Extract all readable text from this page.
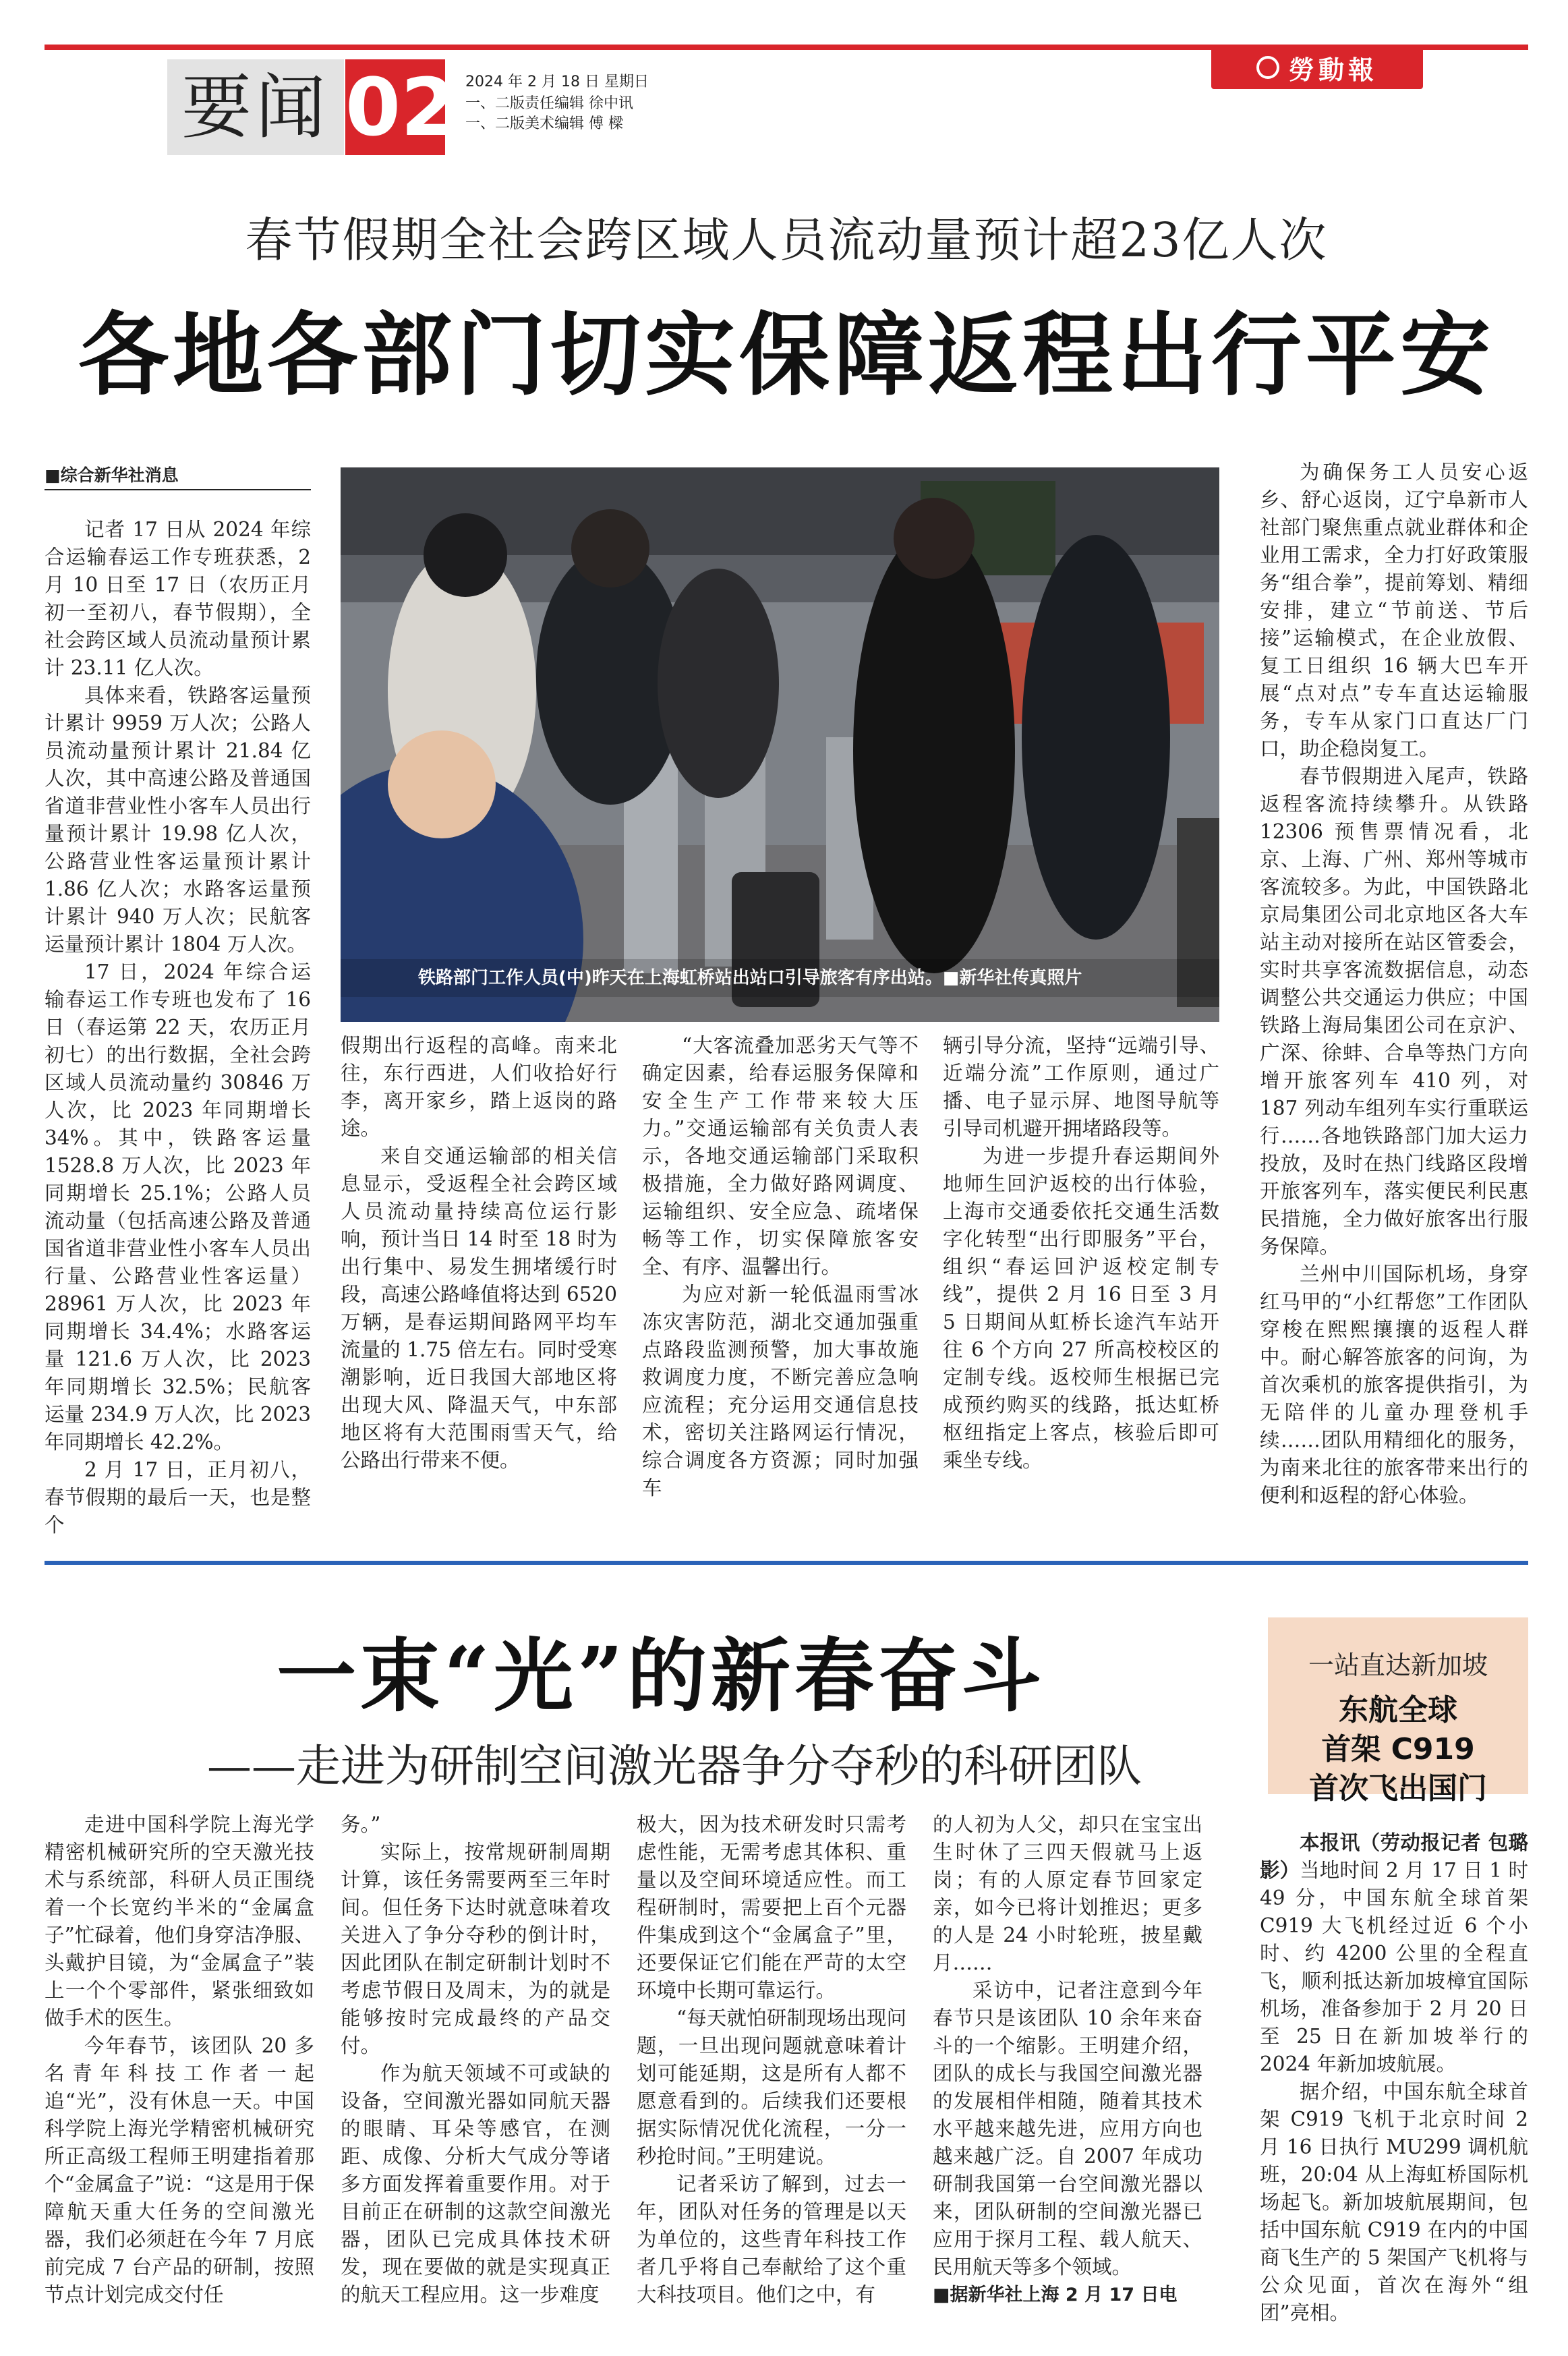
要闻 02 2024 年 2 月 18 日 星期日
一、二版责任编辑 徐中讯
一、二版美术编辑 傅 樑
勞動報
春节假期全社会跨区域人员流动量预计超23亿人次
各地各部门切实保障返程出行平安
■综合新华社消息

记者 17 日从 2024 年综合运输春运工作专班获悉，2 月 10 日至 17 日（农历正月初一至初八，春节假期），全社会跨区域人员流动量预计累计 23.11 亿人次。

具体来看，铁路客运量预计累计 9959 万人次；公路人员流动量预计累计 21.84 亿人次，其中高速公路及普通国省道非营业性小客车人员出行量预计累计 19.98 亿人次，公路营业性客运量预计累计 1.86 亿人次；水路客运量预计累计 940 万人次；民航客运量预计累计 1804 万人次。

17 日，2024 年综合运输春运工作专班也发布了 16 日（春运第 22 天，农历正月初七）的出行数据，全社会跨区域人员流动量约 30846 万人次，比 2023 年同期增长 34%。其中，铁路客运量 1528.8 万人次，比 2023 年同期增长 25.1%；公路人员流动量（包括高速公路及普通国省道非营业性小客车人员出行量、公路营业性客运量）28961 万人次，比 2023 年同期增长 34.4%；水路客运量 121.6 万人次，比 2023 年同期增长 32.5%；民航客运量 234.9 万人次，比 2023 年同期增长 42.2%。

2 月 17 日，正月初八，春节假期的最后一天，也是整个

铁路部门工作人员(中)昨天在上海虹桥站出站口引导旅客有序出站。■新华社传真照片

假期出行返程的高峰。南来北往，东行西进，人们收拾好行李，离开家乡，踏上返岗的路途。

来自交通运输部的相关信息显示，受返程全社会跨区域人员流动量持续高位运行影响，预计当日 14 时至 18 时为出行集中、易发生拥堵缓行时段，高速公路峰值将达到 6520 万辆，是春运期间路网平均车流量的 1.75 倍左右。同时受寒潮影响，近日我国大部地区将出现大风、降温天气，中东部地区将有大范围雨雪天气，给公路出行带来不便。

“大客流叠加恶劣天气等不确定因素，给春运服务保障和安全生产工作带来较大压力。”交通运输部有关负责人表示，各地交通运输部门采取积极措施，全力做好路网调度、运输组织、安全应急、疏堵保畅等工作，切实保障旅客安全、有序、温馨出行。

为应对新一轮低温雨雪冰冻灾害防范，湖北交通加强重点路段监测预警，加大事故施救调度力度，不断完善应急响应流程；充分运用交通信息技术，密切关注路网运行情况，综合调度各方资源；同时加强车

辆引导分流，坚持“远端引导、近端分流”工作原则，通过广播、电子显示屏、地图导航等引导司机避开拥堵路段等。

为进一步提升春运期间外地师生回沪返校的出行体验，上海市交通委依托交通生活数字化转型“出行即服务”平台，组织“春运回沪返校定制专线”，提供 2 月 16 日至 3 月 5 日期间从虹桥长途汽车站开往 6 个方向 27 所高校校区的定制专线。返校师生根据已完成预约购买的线路，抵达虹桥枢纽指定上客点，核验后即可乘坐专线。

为确保务工人员安心返乡、舒心返岗，辽宁阜新市人社部门聚焦重点就业群体和企业用工需求，全力打好政策服务“组合拳”，提前筹划、精细安排，建立“节前送、节后接”运输模式，在企业放假、复工日组织 16 辆大巴车开展“点对点”专车直达运输服务，专车从家门口直达厂门口，助企稳岗复工。

春节假期进入尾声，铁路返程客流持续攀升。从铁路 12306 预售票情况看，北京、上海、广州、郑州等城市客流较多。为此，中国铁路北京局集团公司北京地区各大车站主动对接所在站区管委会，实时共享客流数据信息，动态调整公共交通运力供应；中国铁路上海局集团公司在京沪、广深、徐蚌、合阜等热门方向增开旅客列车 410 列，对 187 列动车组列车实行重联运行……各地铁路部门加大运力投放，及时在热门线路区段增开旅客列车，落实便民利民惠民措施，全力做好旅客出行服务保障。

兰州中川国际机场，身穿红马甲的“小红帮您”工作团队穿梭在熙熙攘攘的返程人群中。耐心解答旅客的问询，为首次乘机的旅客提供指引，为无陪伴的儿童办理登机手续……团队用精细化的服务，为南来北往的旅客带来出行的便利和返程的舒心体验。

一束“光”的新春奋斗
——走进为研制空间激光器争分夺秒的科研团队

走进中国科学院上海光学精密机械研究所的空天激光技术与系统部，科研人员正围绕着一个长宽约半米的“金属盒子”忙碌着，他们身穿洁净服、头戴护目镜，为“金属盒子”装上一个个零部件，紧张细致如做手术的医生。

今年春节，该团队 20 多名青年科技工作者一起追“光”，没有休息一天。中国科学院上海光学精密机械研究所正高级工程师王明建指着那个“金属盒子”说：“这是用于保障航天重大任务的空间激光器，我们必须赶在今年 7 月底前完成 7 台产品的研制，按照节点计划完成交付任

务。”

实际上，按常规研制周期计算，该任务需要两至三年时间。但任务下达时就意味着攻关进入了争分夺秒的倒计时，因此团队在制定研制计划时不考虑节假日及周末，为的就是能够按时完成最终的产品交付。

作为航天领域不可或缺的设备，空间激光器如同航天器的眼睛、耳朵等感官，在测距、成像、分析大气成分等诸多方面发挥着重要作用。对于目前正在研制的这款空间激光器，团队已完成具体技术研发，现在要做的就是实现真正的航天工程应用。这一步难度

极大，因为技术研发时只需考虑性能，无需考虑其体积、重量以及空间环境适应性。而工程研制时，需要把上百个元器件集成到这个“金属盒子”里，还要保证它们能在严苛的太空环境中长期可靠运行。

“每天就怕研制现场出现问题，一旦出现问题就意味着计划可能延期，这是所有人都不愿意看到的。后续我们还要根据实际情况优化流程，一分一秒抢时间。”王明建说。

记者采访了解到，过去一年，团队对任务的管理是以天为单位的，这些青年科技工作者几乎将自己奉献给了这个重大科技项目。他们之中，有

的人初为人父，却只在宝宝出生时休了三四天假就马上返岗；有的人原定春节回家定亲，如今已将计划推迟；更多的人是 24 小时轮班，披星戴月……

采访中，记者注意到今年春节只是该团队 10 余年来奋斗的一个缩影。王明建介绍，团队的成长与我国空间激光器的发展相伴相随，随着其技术水平越来越先进，应用方向也越来越广泛。自 2007 年成功研制我国第一台空间激光器以来，团队研制的空间激光器已应用于探月工程、载人航天、民用航天等多个领域。

■据新华社上海 2 月 17 日电

一站直达新加坡
东航全球
首架 C919
首次飞出国门

本报讯（劳动报记者 包璐影）当地时间 2 月 17 日 1 时 49 分，中国东航全球首架 C919 大飞机经过近 6 个小时、约 4200 公里的全程直飞，顺利抵达新加坡樟宜国际机场，准备参加于 2 月 20 日至 25 日在新加坡举行的 2024 年新加坡航展。

据介绍，中国东航全球首架 C919 飞机于北京时间 2 月 16 日执行 MU299 调机航班，20:04 从上海虹桥国际机场起飞。新加坡航展期间，包括中国东航 C919 在内的中国商飞生产的 5 架国产飞机将与公众见面，首次在海外“组团”亮相。
